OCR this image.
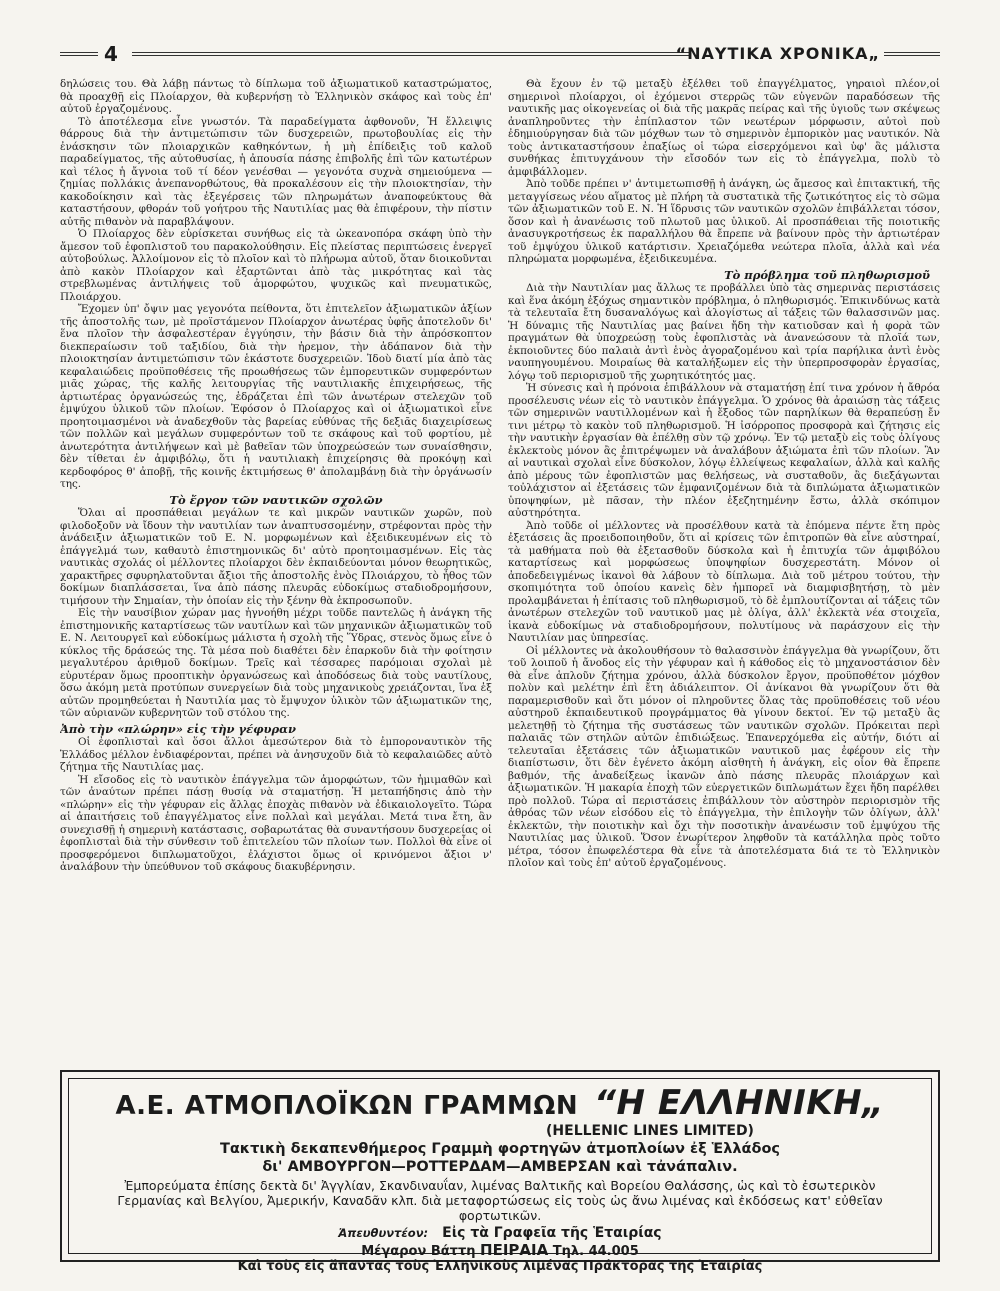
4	“ΝΑΥΤΙΚΑ ΧΡΟΝΙΚΑ„

δηλώσεις του. Θὰ λάβῃ πάντως τὸ δίπλωμα τοῦ ἀξιωματικοῦ καταστρώματος, θὰ προαχθῇ εἰς Πλοίαρχον, θὰ κυβερνήσῃ τὸ Ἑλληνικὸν σκάφος καὶ τοὺς ἐπ' αὐτοῦ ἐργαζομένους.

Τὸ ἀποτέλεσμα εἶνε γνωστόν. Τὰ παραδείγματα ἀφθονοῦν, Ἡ ἔλλειψις θάρρους διὰ τὴν ἀντιμετώπισιν τῶν δυσχερειῶν, πρωτοβουλίας εἰς τὴν ἐνάσκησιν τῶν πλοιαρχικῶν καθηκόντων, ἡ μὴ ἐπίδειξις τοῦ καλοῦ παραδείγματος, τῆς αὐτοθυσίας, ἡ ἀπουσία πάσης ἐπιβολῆς ἐπὶ τῶν κατωτέρων καὶ τέλος ἡ ἄγνοια τοῦ τί δέον γενέσθαι — γεγονότα συχνὰ σημειούμενα — ζημίας πολλάκις ἀνεπανορθώτους, θὰ προκαλέσουν εἰς τὴν πλοιοκτησίαν, τὴν κακοδοίκησιν καὶ τὰς ἐξεγέρσεις τῶν πληρωμάτων ἀναποφεύκτους θὰ καταστήσουν, φθοράν τοῦ γοήτρου τῆς Ναυτιλίας μας θὰ ἐπιφέρουν, τὴν πίστιν αὐτῆς πιθανὸν νὰ παραβλάψουν.

Ὁ Πλοίαρχος δὲν εὑρίσκεται συνήθως εἰς τὰ ὠκεανοπόρα σκάφη ὑπὸ τὴν ἄμεσον τοῦ ἐφοπλιστοῦ του παρακολούθησιν. Εἰς πλείστας περιπτώσεις ἐνεργεῖ αὐτοβούλως. Ἀλλοίμονον εἰς τὸ πλοῖον καὶ τὸ πλήρωμα αὐτοῦ, ὅταν διοικοῦνται ἀπὸ κακὸν Πλοίαρχον καὶ ἐξαρτῶνται ἀπὸ τὰς μικρότητας καὶ τὰς στρεβλωμένας ἀντιλήψεις τοῦ ἀμορφώτου, ψυχικῶς καὶ πνευματικῶς, Πλοιάρχου.

Ἔχομεν ὑπ' ὄψιν μας γεγονότα πείθοντα, ὅτι ἐπιτελεῖον ἀξιωματικῶν ἀξίων τῆς ἀποστολῆς των, μὲ προϊστάμενον Πλοίαρχον ἀνωτέρας ὑφῆς ἀποτελοῦν δι' ἕνα πλοῖον τὴν ἀσφαλεστέραν ἐγγύησιν, τὴν βάσιν διὰ τὴν ἀπρόσκοπτον διεκπεραίωσιν τοῦ ταξιδίου, διὰ τὴν ἠρεμον, τὴν ἀδάπανον διὰ τὴν πλοιοκτησίαν ἀντιμετώπισιν τῶν ἑκάστοτε δυσχερειῶν. Ἰδοὺ διατί μία ἀπὸ τὰς κεφαλαιώδεις προϋποθέσεις τῆς προωθήσεως τῶν ἐμπορευτικῶν συμφερόντων μιᾶς χώρας, τῆς καλῆς λειτουργίας τῆς ναυτιλιακῆς ἐπιχειρήσεως, τῆς ἀρτιωτέρας ὀργανώσεώς της, ἑδράζεται ἐπὶ τῶν ἀνωτέρων στελεχῶν τοῦ ἐμψύχου ὑλικοῦ τῶν πλοίων. Ἐφόσον ὁ Πλοίαρχος καὶ οἱ ἀξιωματικοὶ εἶνε προητοιμασμένοι νὰ ἀναδεχθοῦν τὰς βαρείας εὐθύνας τῆς δεξιᾶς διαχειρίσεως τῶν πολλῶν καὶ μεγάλων συμφερόντων τοῦ τε σκάφους καὶ τοῦ φορτίου, μὲ ἀνωτερότητα ἀντιλήψεων καὶ μὲ βαθεῖαν τῶν ὑποχρεώσεών των συναίσθησιν, δὲν τίθεται ἐν ἀμφιβόλῳ, ὅτι ἡ ναυτιλιακὴ ἐπιχείρησις θὰ προκόψῃ καὶ κερδοφόρος θ' ἀποβῇ, τῆς κοινῆς ἐκτιμήσεως θ' ἀπολαμβάνῃ διὰ τὴν ὀργάνωσίν της.

Τὸ ἔργον τῶν ναυτικῶν σχολῶν

Ὅλαι αἱ προσπάθειαι μεγάλων τε καὶ μικρῶν ναυτικῶν χωρῶν, ποὺ φιλοδοξοῦν νὰ ἴδουν τὴν ναυτιλίαν των ἀναπτυσσομένην, στρέφονται πρὸς τὴν ἀνάδειξιν ἀξιωματικῶν τοῦ Ε. Ν. μορφωμένων καὶ ἐξειδικευμένων εἰς τὸ ἐπάγγελμά των, καθαυτὸ ἐπιστημονικῶς δι' αὐτὸ προητοιμασμένων. Εἰς τὰς ναυτικὰς σχολάς οἱ μέλλοντες πλοίαρχοι δὲν ἐκπαιδεύονται μόνον θεωρητικῶς, χαρακτῆρες σφυρηλατοῦνται ἄξιοι τῆς ἀποστολῆς ἑνὸς Πλοιάρχου, τὸ ἦθος τῶν δοκίμων διαπλάσσεται, ἵνα ἀπὸ πάσης πλευρᾶς εὐδοκίμως σταδιοδρομήσουν, τιμήσουν τὴν Σημαίαν, τὴν ὁποίαν εἰς τὴν ξένην θὰ ἐκπροσωποῦν.

Εἰς τὴν ναυσίβιον χώραν μας ἠγνοήθη μέχρι τοῦδε παντελῶς ἡ ἀνάγκη τῆς ἐπιστημονικῆς καταρτίσεως τῶν ναυτίλων καὶ τῶν μηχανικῶν ἀξιωματικῶν τοῦ Ε. Ν. Λειτουργεῖ καὶ εὐδοκίμως μάλιστα ἡ σχολὴ τῆς Ὕδρας, στενὸς ὅμως εἶνε ὁ κύκλος τῆς δράσεώς της. Τὰ μέσα ποὺ διαθέτει δὲν ἐπαρκοῦν διὰ τὴν φοίτησιν μεγαλυτέρου ἀριθμοῦ δοκίμων. Τρεῖς καὶ τέσσαρες παρόμοιαι σχολαὶ μὲ εὐρυτέραν ὅμως προοπτικὴν ὀργανώσεως καὶ ἀποδόσεως διὰ τοὺς ναυτίλους, ὅσω ἀκόμη μετὰ προτύπων συνεργείων διὰ τοὺς μηχανικοὺς χρειάζονται, ἵνα ἐξ αὐτῶν προμηθεύεται ἡ Ναυτιλία μας τὸ ἔμψυχον ὑλικὸν τῶν ἀξιωματικῶν της, τῶν αὐριανῶν κυβερνητῶν τοῦ στόλου της.

Ἀπὸ τὴν «πλώρην» εἰς τὴν γέφυραν

Οἱ ἐφοπλισταὶ καὶ ὅσοι ἄλλοι ἀμεσώτερον διὰ τὸ ἐμποροναυτικὸν τῆς Ἑλλάδος μέλλον ἐνδιαφέρονται, πρέπει νὰ ἀνησυχοῦν διὰ τὸ κεφαλαιῶδες αὐτὸ ζήτημα τῆς Ναυτιλίας μας.

Ἡ εἴσοδος εἰς τὸ ναυτικὸν ἐπάγγελμα τῶν ἀμορφώτων, τῶν ἡμιμαθῶν καὶ τῶν ἀναύτων πρέπει πάσῃ θυσίᾳ νὰ σταματήσῃ. Ἡ μεταπήδησις ἀπὸ τὴν «πλώρην» εἰς τὴν γέφυραν εἰς ἄλλας ἐποχὰς πιθανὸν νὰ ἐδικαιολογεῖτο. Τώρα αἱ ἀπαιτήσεις τοῦ ἐπαγγέλματος εἶνε πολλαὶ καὶ μεγάλαι. Μετά τινα ἔτη, ἂν συνεχισθῇ ἡ σημερινὴ κατάστασις, σοβαρωτάτας θὰ συναντήσουν δυσχερείας οἱ ἐφοπλισταὶ διὰ τὴν σύνθεσιν τοῦ ἐπιτελείου τῶν πλοίων των. Πολλοὶ θὰ εἶνε οἱ προσφερόμενοι διπλωματοῦχοι, ἐλάχιστοι ὅμως οἱ κρινόμενοι ἄξιοι ν' ἀναλάβουν τὴν ὑπεύθυνον τοῦ σκάφους διακυβέρνησιν.

Θὰ ἔχουν ἐν τῷ μεταξὺ ἐξέλθει τοῦ ἐπαγγέλματος, γηραιοὶ πλέον,οἱ σημερινοὶ πλοίαρχοι, οἱ ἐχόμενοι στερρῶς τῶν εὐγενῶν παραδόσεων τῆς ναυτικῆς μας οἰκογενείας οἱ διὰ τῆς μακρᾶς πείρας καὶ τῆς ὑγιοῦς των σκέψεως ἀναπληροῦντες τὴν ἐπίπλαστον τῶν νεωτέρων μόρφωσιν, αὐτοὶ ποὺ ἐδημιούργησαν διὰ τῶν μόχθων των τὸ σημερινὸν ἐμπορικὸν μας ναυτικόν. Νὰ τοὺς ἀντικαταστήσουν ἐπαξίως οἱ τώρα εἰσερχόμενοι καὶ ὑφ' ἃς μάλιστα συνθήκας ἐπιτυγχάνουν τὴν εἴσοδόν των εἰς τὸ ἐπάγγελμα, πολὺ τὸ ἀμφιβάλλομεν.

Ἀπὸ τοῦδε πρέπει ν' ἀντιμετωπισθῇ ἡ ἀνάγκη, ὡς ἄμεσος καὶ ἐπιτακτική, τῆς μεταγγίσεως νέου αἵματος μὲ πλήρη τὰ συστατικὰ τῆς ζωτικότητος εἰς τὸ σῶμα τῶν ἀξιωματικῶν τοῦ Ε. Ν. Ἡ ἵδρυσις τῶν ναυτικῶν σχολῶν ἐπιβάλλεται τόσον, ὅσον καὶ ἡ ἀνανέωσις τοῦ πλωτοῦ μας ὑλικοῦ. Αἱ προσπάθειαι τῆς ποιοτικῆς ἀνασυγκροτήσεως ἐκ παραλλήλου θὰ ἔπρεπε νὰ βαίνουν πρὸς τὴν ἀρτιωτέραν τοῦ ἐμψύχου ὑλικοῦ κατάρτισιν. Χρειαζόμεθα νεώτερα πλοῖα, ἀλλὰ καὶ νέα πληρώματα μορφωμένα, ἐξειδικευμένα.

Τὸ πρόβλημα τοῦ πληθωρισμοῦ

Διὰ τὴν Ναυτιλίαν μας ἄλλως τε προβάλλει ὑπὸ τὰς σημερινὰς περιστάσεις καὶ ἕνα ἀκόμη ἐξόχως σημαντικὸν πρόβλημα, ὁ πληθωρισμός. Ἐπικινδύνως κατὰ τὰ τελευταῖα ἔτη δυσαναλόγως καὶ ἀλογίστως αἱ τάξεις τῶν θαλασσινῶν μας. Ἡ δύναμις τῆς Ναυτιλίας μας βαίνει ἤδη τὴν κατιοῦσαν καὶ ἡ φορὰ τῶν πραγμάτων θὰ ὑποχρεώσῃ τοὺς ἐφοπλιστὰς νὰ ἀνανεώσουν τὰ πλοῖά των, ἐκποιοῦντες δύο παλαιὰ ἀντὶ ἑνὸς ἀγοραζομένου καὶ τρία παρήλικα ἀντὶ ἑνὸς ναυπηγουμένου. Μοιραίως θὰ καταλήξωμεν εἰς τὴν ὑπερπροσφορὰν ἐργασίας, λόγῳ τοῦ περιορισμοῦ τῆς χωρητικότητός μας.

Ἡ σύνεσις καὶ ἡ πρόνοια ἐπιβάλλουν νὰ σταματήσῃ ἐπί τινα χρόνον ἡ ἄθρόα προσέλευσις νέων εἰς τὸ ναυτικὸν ἐπάγγελμα. Ὁ χρόνος θὰ ἀραιώσῃ τὰς τάξεις τῶν σημερινῶν ναυτιλλομένων καὶ ἡ ἔξοδος τῶν παρηλίκων θὰ θεραπεύσῃ ἔν τινι μέτρῳ τὸ κακὸν τοῦ πληθωρισμοῦ. Ἡ ἰσόρροπος προσφορὰ καὶ ζήτησις εἰς τὴν ναυτικὴν ἐργασίαν θὰ ἐπέλθῃ σὺν τῷ χρόνῳ. Ἐν τῷ μεταξὺ εἰς τοὺς ὀλίγους ἐκλεκτοὺς μόνον ἂς ἐπιτρέψωμεν νὰ ἀναλάβουν ἀξιώματα ἐπὶ τῶν πλοίων. Ἂν αἱ ναυτικαὶ σχολαὶ εἶνε δύσκολον, λόγῳ ἐλλείψεως κεφαλαίων, ἀλλὰ καὶ καλῆς ἀπὸ μέρους τῶν ἐφοπλιστῶν μας θελήσεως, νὰ συσταθοῦν, ἂς διεξάγωνται τοὐλάχιστον αἱ ἐξετάσεις τῶν ἐμφανιζομένων διὰ τὰ διπλώματα ἀξιωματικῶν ὑποψηφίων, μὲ πᾶσαν, τὴν πλέον ἐξεζητημένην ἔστω, ἀλλὰ σκόπιμον αὐστηρότητα.

Ἀπὸ τοῦδε οἱ μέλλοντες νὰ προσέλθουν κατὰ τὰ ἑπόμενα πέντε ἔτη πρὸς ἐξετάσεις ἂς προειδοποιηθοῦν, ὅτι αἱ κρίσεις τῶν ἐπιτροπῶν θὰ εἶνε αὐστηραί, τὰ μαθήματα ποὺ θὰ ἐξετασθοῦν δύσκολα καὶ ἡ ἐπιτυχία τῶν ἀμφιβόλου καταρτίσεως καὶ μορφώσεως ὑποψηφίων δυσχερεστάτη. Μόνον οἱ ἀποδεδειγμένως ἱκανοὶ θὰ λάβουν τὸ δίπλωμα. Διὰ τοῦ μέτρου τούτου, τὴν σκοπιμότητα τοῦ ὁποίου κανεὶς δὲν ἠμπορεῖ νὰ διαμφισβητήσῃ, τὸ μὲν προλαμβάνεται ἡ ἐπίτασις τοῦ πληθωρισμοῦ, τὸ δὲ ἐμπλουτίζονται αἱ τάξεις τῶν ἀνωτέρων στελεχῶν τοῦ ναυτικοῦ μας μὲ ὀλίγα, ἀλλ' ἐκλεκτὰ νέα στοιχεῖα, ἱκανὰ εὐδοκίμως νὰ σταδιοδρομήσουν, πολυτίμους νὰ παράσχουν εἰς τὴν Ναυτιλίαν μας ὑπηρεσίας.

Οἱ μέλλοντες νὰ ἀκολουθήσουν τὸ θαλασσινὸν ἐπάγγελμα θὰ γνωρίζουν, ὅτι τοῦ λοιποῦ ἡ ἄνοδος εἰς τὴν γέφυραν καὶ ἡ κάθοδος εἰς τὸ μηχανοστάσιον δὲν θὰ εἶνε ἁπλοῦν ζήτημα χρόνου, ἀλλὰ δύσκολον ἔργον, προϋποθέτον μόχθον πολὺν καὶ μελέτην ἐπὶ ἔτη ἀδιάλειπτον. Οἱ ἀνίκανοι θὰ γνωρίζουν ὅτι θὰ παραμερισθοῦν καὶ ὅτι μόνον οἱ πληροῦντες ὅλας τὰς προϋποθέσεις τοῦ νέου αὐστηροῦ ἐκπαιδευτικοῦ προγράμματος θὰ γίνουν δεκτοί. Ἐν τῷ μεταξὺ ἂς μελετηθῇ τὸ ζήτημα τῆς συστάσεως τῶν ναυτικῶν σχολῶν. Πρόκειται περὶ παλαιᾶς τῶν στηλῶν αὐτῶν ἐπιδιώξεως. Ἐπανερχόμεθα εἰς αὐτήν, διότι αἱ τελευταῖαι ἐξετάσεις τῶν ἀξιωματικῶν ναυτικοῦ μας ἐφέρουν εἰς τὴν διαπίστωσιν, ὅτι δὲν ἐγένετο ἀκόμη αἰσθητὴ ἡ ἀνάγκη, εἰς οἷον θὰ ἔπρεπε βαθμόν, τῆς ἀναδείξεως ἱκανῶν ἀπὸ πάσης πλευρᾶς πλοιάρχων καὶ ἀξιωματικῶν. Ἡ μακαρία ἐποχὴ τῶν εὐεργετικῶν διπλωμάτων ἔχει ἤδη παρέλθει πρὸ πολλοῦ. Τώρα αἱ περιστάσεις ἐπιβάλλουν τὸν αὐστηρὸν περιορισμὸν τῆς ἀθρόας τῶν νέων εἰσόδου εἰς τὸ ἐπάγγελμα, τὴν ἐπιλογὴν τῶν ὀλίγων, ἀλλ' ἐκλεκτῶν, τὴν ποιοτικὴν καὶ ὄχι τὴν ποσοτικὴν ἀνανέωσιν τοῦ ἐμψύχου τῆς Ναυτιλίας μας ὑλικοῦ. Ὅσον ἐνωρίτερον ληφθοῦν τὰ κατάλληλα πρὸς τοῦτο μέτρα, τόσον ἐπωφελέστερα θὰ εἶνε τὰ ἀποτελέσματα διά τε τὸ Ἑλληνικὸν πλοῖον καὶ τοὺς ἐπ' αὐτοῦ ἐργαζομένους.

Α.Ε. ΑΤΜΟΠΛΟΪΚΩΝ ΓΡΑΜΜΩΝ “Η ΕΛΛΗΝΙΚΗ„
(HELLENIC LINES LIMITED)
Τακτικὴ δεκαπενθήμερος Γραμμὴ φορτηγῶν ἀτμοπλοίων ἐξ Ἑλλάδος
δι' ΑΜΒΟΥΡΓΟΝ—ΡΟΤΤΕΡΔΑΜ—ΑΜΒΕΡΣΑΝ καὶ τἀνάπαλιν.
Ἐμπορεύματα ἐπίσης δεκτὰ δι' Ἀγγλίαν, Σκανδιναυΐαν, λιμένας Βαλτικῆς καὶ Βορείου Θαλάσσης, ὡς καὶ τὸ ἐσωτερικὸν Γερμανίας καὶ Βελγίου, Ἀμερικήν, Καναδᾶν κλπ. διὰ μεταφορτώσεως εἰς τοὺς ὡς ἄνω λιμένας καὶ ἐκδόσεως κατ' εὐθεῖαν φορτωτικῶν.
Ἀπευθυντέον: Εἰς τὰ Γραφεῖα τῆς Ἑταιρίας
Μέγαρον Βάττη ΠΕΙΡΑΙΑ Τηλ. 44.005
Καὶ τοὺς εἰς ἅπαντας τοὺς Ἑλληνικοὺς λιμένας Πράκτορας τῆς Ἑταιρίας
